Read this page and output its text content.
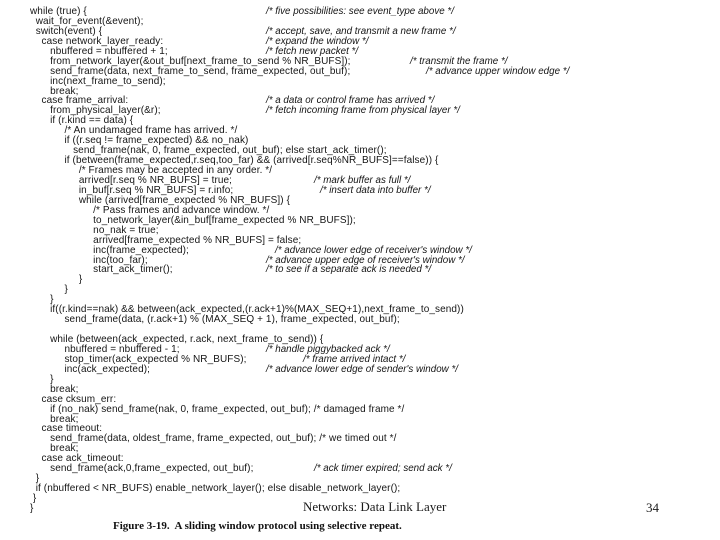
while (true) {	/* five possibilities: see event_type above */
wait_for_event(&event);
switch(event) {	/* accept, save, and transmit a new frame */
case network_layer_ready:	/* expand the window */
nbuffered = nbuffered + 1;	/* fetch new packet */
from_network_layer(&out_buf[next_frame_to_send % NR_BUFS]);	/* transmit the frame */
send_frame(data, next_frame_to_send, frame_expected, out_buf);	/* advance upper window edge */
inc(next_frame_to_send);
break;
case frame_arrival:	/* a data or control frame has arrived */
from_physical_layer(&r);	/* fetch incoming frame from physical layer */
if (r.kind == data) {
/* An undamaged frame has arrived. */
if ((r.seq != frame_expected) && no_nak)
send_frame(nak, 0, frame_expected, out_buf); else start_ack_timer();
if (between(frame_expected,r.seq,too_far) && (arrived[r.seq%NR_BUFS]==false)) {
/* Frames may be accepted in any order. */
arrived[r.seq % NR_BUFS] = true;	/* mark buffer as full */
in_buf[r.seq % NR_BUFS] = r.info;	/* insert data into buffer */
while (arrived[frame_expected % NR_BUFS]) {
/* Pass frames and advance window. */
to_network_layer(&in_buf[frame_expected % NR_BUFS]);
no_nak = true;
arrived[frame_expected % NR_BUFS] = false;
inc(frame_expected);	/* advance lower edge of receiver's window */
inc(too_far);	/* advance upper edge of receiver's window */
start_ack_timer();	/* to see if a separate ack is needed */
}
}
}
if((r.kind==nak) && between(ack_expected,(r.ack+1)%(MAX_SEQ+1),next_frame_to_send))
send_frame(data, (r.ack+1) % (MAX_SEQ + 1), frame_expected, out_buf);
while (between(ack_expected, r.ack, next_frame_to_send)) {
nbuffered = nbuffered - 1;	/* handle piggybacked ack */
stop_timer(ack_expected % NR_BUFS);	/* frame arrived intact */
inc(ack_expected);	/* advance lower edge of sender's window */
}
break;
case cksum_err:
if (no_nak) send_frame(nak, 0, frame_expected, out_buf); /* damaged frame */
break;
case timeout:
send_frame(data, oldest_frame, frame_expected, out_buf); /* we timed out */
break;
case ack_timeout:
send_frame(ack,0,frame_expected, out_buf);	/* ack timer expired; send ack */
}
if (nbuffered < NR_BUFS) enable_network_layer(); else disable_network_layer();
}
}
Figure 3-19.  A sliding window protocol using selective repeat.
Networks: Data Link Layer	34
